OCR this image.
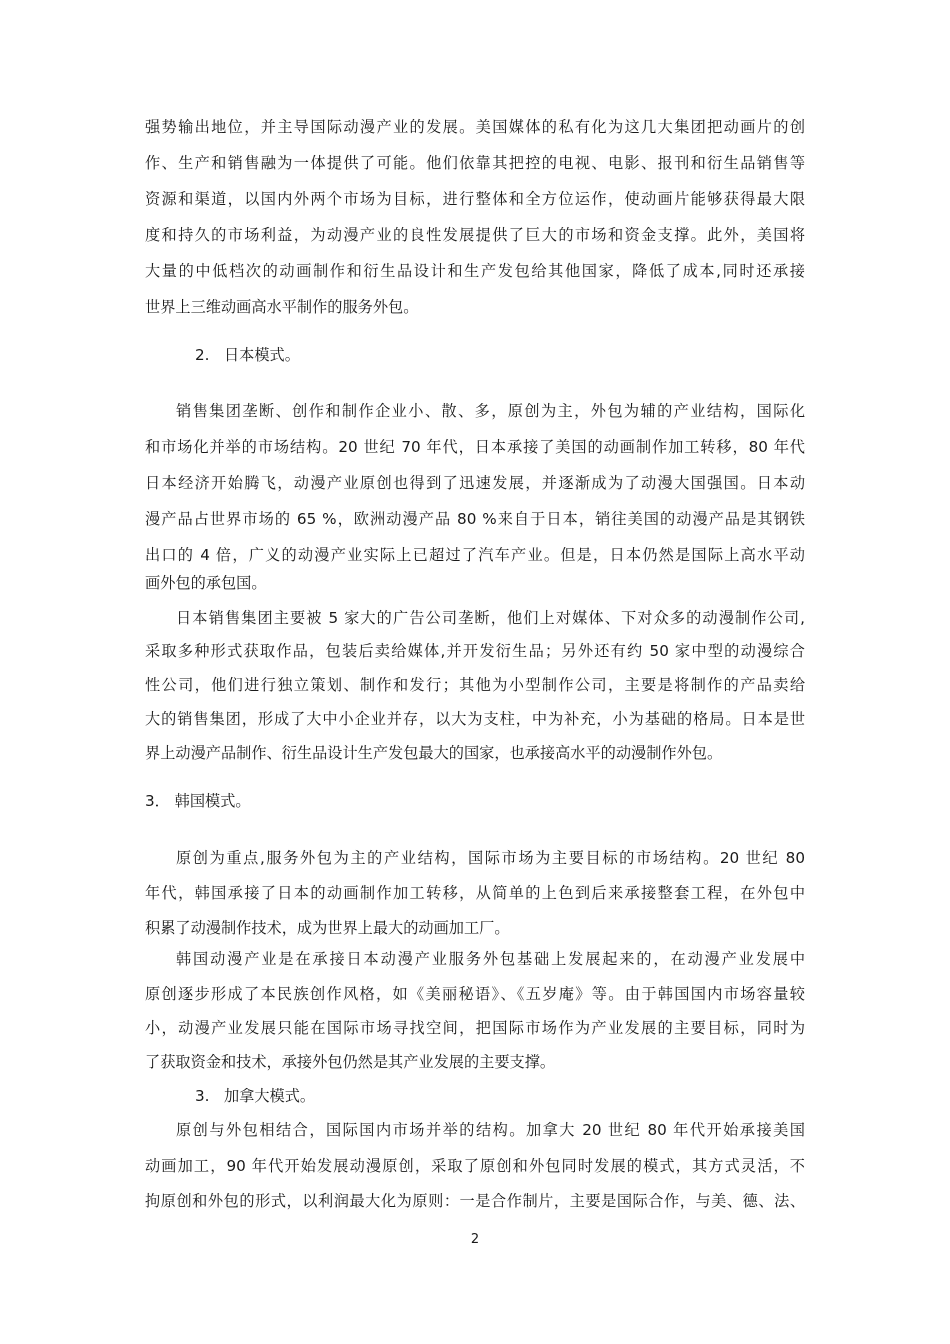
强势输出地位，并主导国际动漫产业的发展。美国媒体的私有化为这几大集团把动画片的创
作、生产和销售融为一体提供了可能。他们依靠其把控的电视、电影、报刊和衍生品销售等
资源和渠道，以国内外两个市场为目标，进行整体和全方位运作，使动画片能够获得最大限
度和持久的市场利益，为动漫产业的良性发展提供了巨大的市场和资金支撑。此外，美国将
大量的中低档次的动画制作和衍生品设计和生产发包给其他国家，降低了成本,同时还承接
世界上三维动画高水平制作的服务外包。
2.   日本模式。
销售集团垄断、创作和制作企业小、散、多，原创为主，外包为辅的产业结构，国际化
和市场化并举的市场结构。20 世纪 70 年代，日本承接了美国的动画制作加工转移，80 年代
日本经济开始腾飞，动漫产业原创也得到了迅速发展，并逐渐成为了动漫大国强国。日本动
漫产品占世界市场的 65 %，欧洲动漫产品 80 %来自于日本，销往美国的动漫产品是其钢铁
出口的 4 倍，广义的动漫产业实际上已超过了汽车产业。但是，日本仍然是国际上高水平动
画外包的承包国。
日本销售集团主要被 5 家大的广告公司垄断，他们上对媒体、下对众多的动漫制作公司,
采取多种形式获取作品，包装后卖给媒体,并开发衍生品；另外还有约 50 家中型的动漫综合
性公司，他们进行独立策划、制作和发行；其他为小型制作公司，主要是将制作的产品卖给
大的销售集团，形成了大中小企业并存，以大为支柱，中为补充，小为基础的格局。日本是世
界上动漫产品制作、衍生品设计生产发包最大的国家，也承接高水平的动漫制作外包。
3． 韩国模式。
原创为重点,服务外包为主的产业结构，国际市场为主要目标的市场结构。20 世纪 80
年代，韩国承接了日本的动画制作加工转移，从简单的上色到后来承接整套工程，在外包中
积累了动漫制作技术，成为世界上最大的动画加工厂。
韩国动漫产业是在承接日本动漫产业服务外包基础上发展起来的，在动漫产业发展中
原创逐步形成了本民族创作风格，如《美丽秘语》、《五岁庵》等。由于韩国国内市场容量较
小，动漫产业发展只能在国际市场寻找空间，把国际市场作为产业发展的主要目标，同时为
了获取资金和技术，承接外包仍然是其产业发展的主要支撑。
3.   加拿大模式。
原创与外包相结合，国际国内市场并举的结构。加拿大 20 世纪 80 年代开始承接美国
动画加工，90 年代开始发展动漫原创，采取了原创和外包同时发展的模式，其方式灵活，不
拘原创和外包的形式，以利润最大化为原则：一是合作制片，主要是国际合作，与美、德、法、
2
